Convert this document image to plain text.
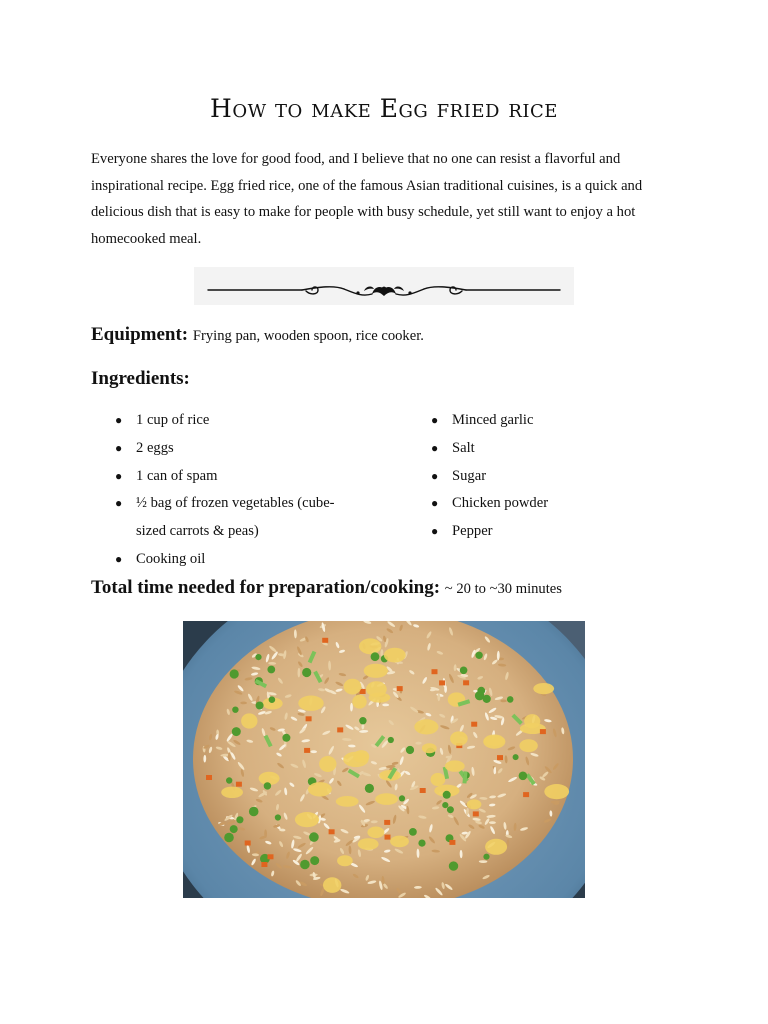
How to make Egg fried rice
Everyone shares the love for good food, and I believe that no one can resist a flavorful and inspirational recipe. Egg fried rice, one of the famous Asian traditional cuisines, is a quick and delicious dish that is easy to make for people with busy schedule, yet still want to enjoy a hot homecooked meal.
Equipment: Frying pan, wooden spoon, rice cooker.
Ingredients:
● 1 cup of rice
● 2 eggs
● 1 can of spam
● ½ bag of frozen vegetables (cube-sized carrots & peas)
● Cooking oil
● Minced garlic
● Salt
● Sugar
● Chicken powder
● Pepper
Total time needed for preparation/cooking: ~ 20 to ~30 minutes
